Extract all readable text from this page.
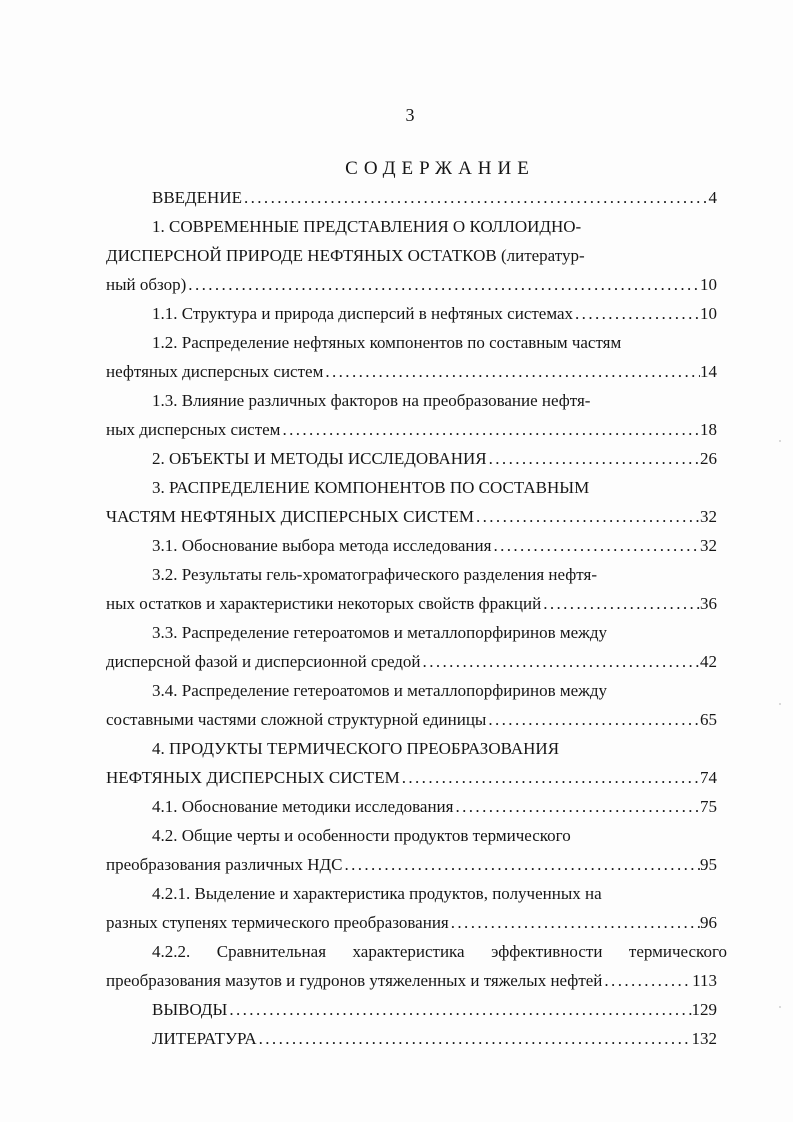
3
СОДЕРЖАНИЕ
ВВЕДЕНИЕ .....	4
1. СОВРЕМЕННЫЕ ПРЕДСТАВЛЕНИЯ О КОЛЛОИДНО-
ДИСПЕРСНОЙ ПРИРОДЕ НЕФТЯНЫХ ОСТАТКОВ (литератур-
ный обзор) .....	10
1.1. Структура и природа дисперсий в нефтяных системах .....	10
1.2. Распределение нефтяных компонентов по составным частям
нефтяных дисперсных систем .....	14
1.3. Влияние различных факторов на преобразование нефтя-
ных дисперсных систем .....	18
2. ОБЪЕКТЫ И МЕТОДЫ ИССЛЕДОВАНИЯ .....	26
3. РАСПРЕДЕЛЕНИЕ КОМПОНЕНТОВ ПО СОСТАВНЫМ
ЧАСТЯМ НЕФТЯНЫХ ДИСПЕРСНЫХ СИСТЕМ .....	32
3.1. Обоснование выбора метода исследования .....	32
3.2. Результаты гель-хроматографического разделения нефтя-
ных остатков и характеристики некоторых свойств фракций .....	36
3.3. Распределение гетероатомов и металлопорфиринов между
дисперсной фазой и дисперсионной средой .....	42
3.4. Распределение гетероатомов и металлопорфиринов между
составными частями сложной структурной единицы .....	65
4. ПРОДУКТЫ ТЕРМИЧЕСКОГО ПРЕОБРАЗОВАНИЯ
НЕФТЯНЫХ ДИСПЕРСНЫХ СИСТЕМ .....	74
4.1. Обоснование методики исследования .....	75
4.2. Общие черты и особенности продуктов термического
преобразования различных НДС .....	95
4.2.1. Выделение и характеристика продуктов, полученных на
разных ступенях термического преобразования .....	96
4.2.2. Сравнительная характеристика эффективности термического
преобразования мазутов и гудронов утяжеленных и тяжелых нефтей .....	113
ВЫВОДЫ .....	129
ЛИТЕРАТУРА .....	132
